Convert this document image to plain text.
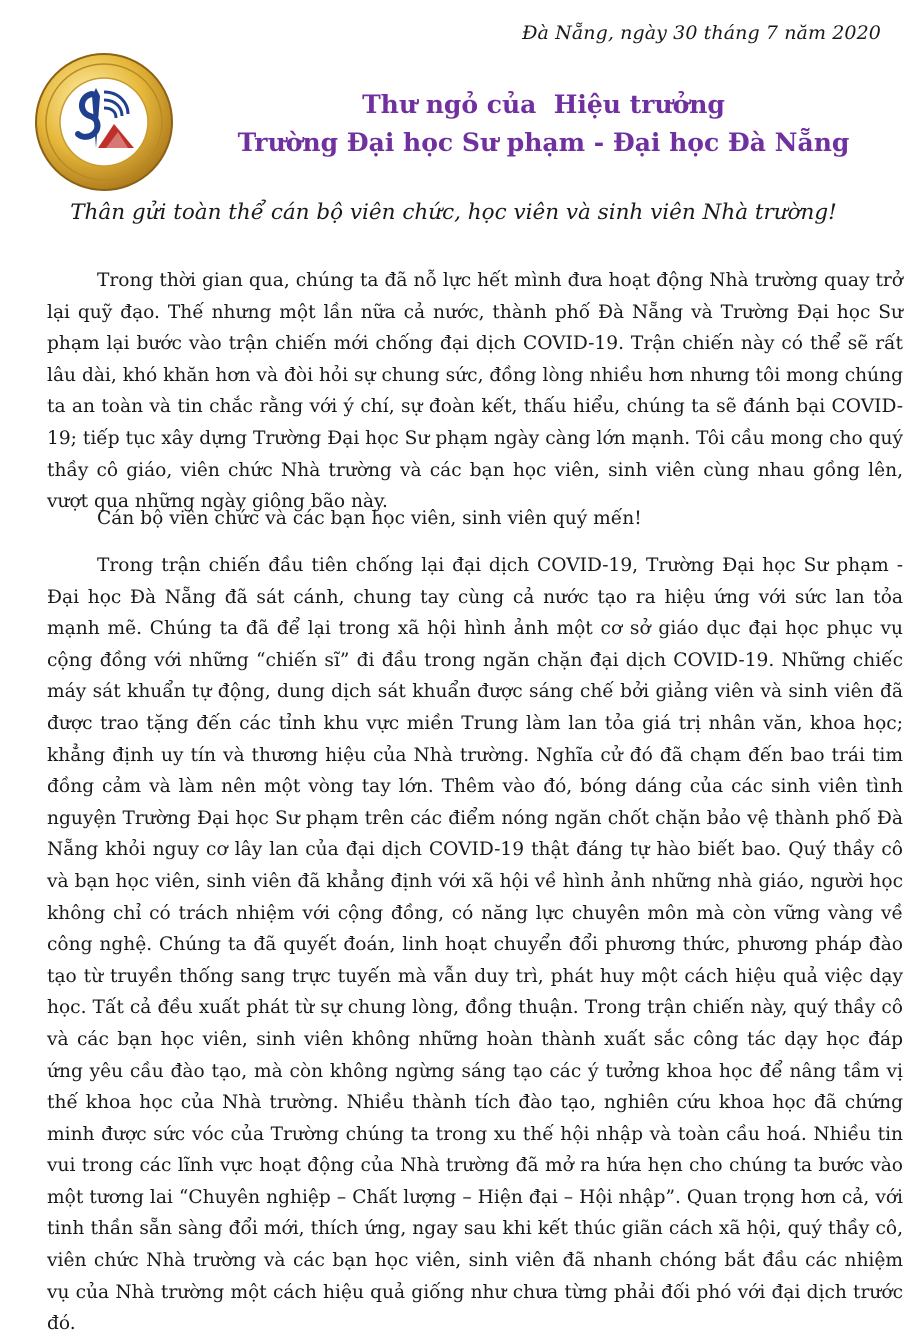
Đà Nẵng, ngày 30 tháng 7 năm 2020
Thư ngỏ của  Hiệu trưởng
Trường Đại học Sư phạm - Đại học Đà Nẵng
Thân gửi toàn thể cán bộ viên chức, học viên và sinh viên Nhà trường!

Trong thời gian qua, chúng ta đã nỗ lực hết mình đưa hoạt động Nhà trường quay trở lại quỹ đạo. Thế nhưng một lần nữa cả nước, thành phố Đà Nẵng và Trường Đại học Sư phạm lại bước vào trận chiến mới chống đại dịch COVID-19. Trận chiến này có thể sẽ rất lâu dài, khó khăn hơn và đòi hỏi sự chung sức, đồng lòng nhiều hơn nhưng tôi mong chúng ta an toàn và tin chắc rằng với ý chí, sự đoàn kết, thấu hiểu, chúng ta sẽ đánh bại COVID-19; tiếp tục xây dựng Trường Đại học Sư phạm ngày càng lớn mạnh. Tôi cầu mong cho quý thầy cô giáo, viên chức Nhà trường và các bạn học viên, sinh viên cùng nhau gồng lên, vượt qua những ngày giông bão này.

Cán bộ viên chức và các bạn học viên, sinh viên quý mến!

Trong trận chiến đầu tiên chống lại đại dịch COVID-19, Trường Đại học Sư phạm - Đại học Đà Nẵng đã sát cánh, chung tay cùng cả nước tạo ra hiệu ứng với sức lan tỏa mạnh mẽ. Chúng ta đã để lại trong xã hội hình ảnh một cơ sở giáo dục đại học phục vụ cộng đồng với những “chiến sĩ” đi đầu trong ngăn chặn đại dịch COVID-19. Những chiếc máy sát khuẩn tự động, dung dịch sát khuẩn được sáng chế bởi giảng viên và sinh viên đã được trao tặng đến các tỉnh khu vực miền Trung làm lan tỏa giá trị nhân văn, khoa học; khẳng định uy tín và thương hiệu của Nhà trường. Nghĩa cử đó đã chạm đến bao trái tim đồng cảm và làm nên một vòng tay lớn. Thêm vào đó, bóng dáng của các sinh viên tình nguyện Trường Đại học Sư phạm trên các điểm nóng ngăn chốt chặn bảo vệ thành phố Đà Nẵng khỏi nguy cơ lây lan của đại dịch COVID-19 thật đáng tự hào biết bao. Quý thầy cô và bạn học viên, sinh viên đã khẳng định với xã hội về hình ảnh những nhà giáo, người học không chỉ có trách nhiệm với cộng đồng, có năng lực chuyên môn mà còn vững vàng về công nghệ. Chúng ta đã quyết đoán, linh hoạt chuyển đổi phương thức, phương pháp đào tạo từ truyền thống sang trực tuyến mà vẫn duy trì, phát huy một cách hiệu quả việc dạy học. Tất cả đều xuất phát từ sự chung lòng, đồng thuận. Trong trận chiến này, quý thầy cô và các bạn học viên, sinh viên không những hoàn thành xuất sắc công tác dạy học đáp ứng yêu cầu đào tạo, mà còn không ngừng sáng tạo các ý tưởng khoa học để nâng tầm vị thế khoa học của Nhà trường. Nhiều thành tích đào tạo, nghiên cứu khoa học đã chứng minh được sức vóc của Trường chúng ta trong xu thế hội nhập và toàn cầu hoá. Nhiều tin vui trong các lĩnh vực hoạt động của Nhà trường đã mở ra hứa hẹn cho chúng ta bước vào một tương lai “Chuyên nghiệp – Chất lượng – Hiện đại – Hội nhập”. Quan trọng hơn cả, với tinh thần sẵn sàng đổi mới, thích ứng, ngay sau khi kết thúc giãn cách xã hội, quý thầy cô, viên chức Nhà trường và các bạn học viên, sinh viên đã nhanh chóng bắt đầu các nhiệm vụ của Nhà trường một cách hiệu quả giống như chưa từng phải đối phó với đại dịch trước đó.
